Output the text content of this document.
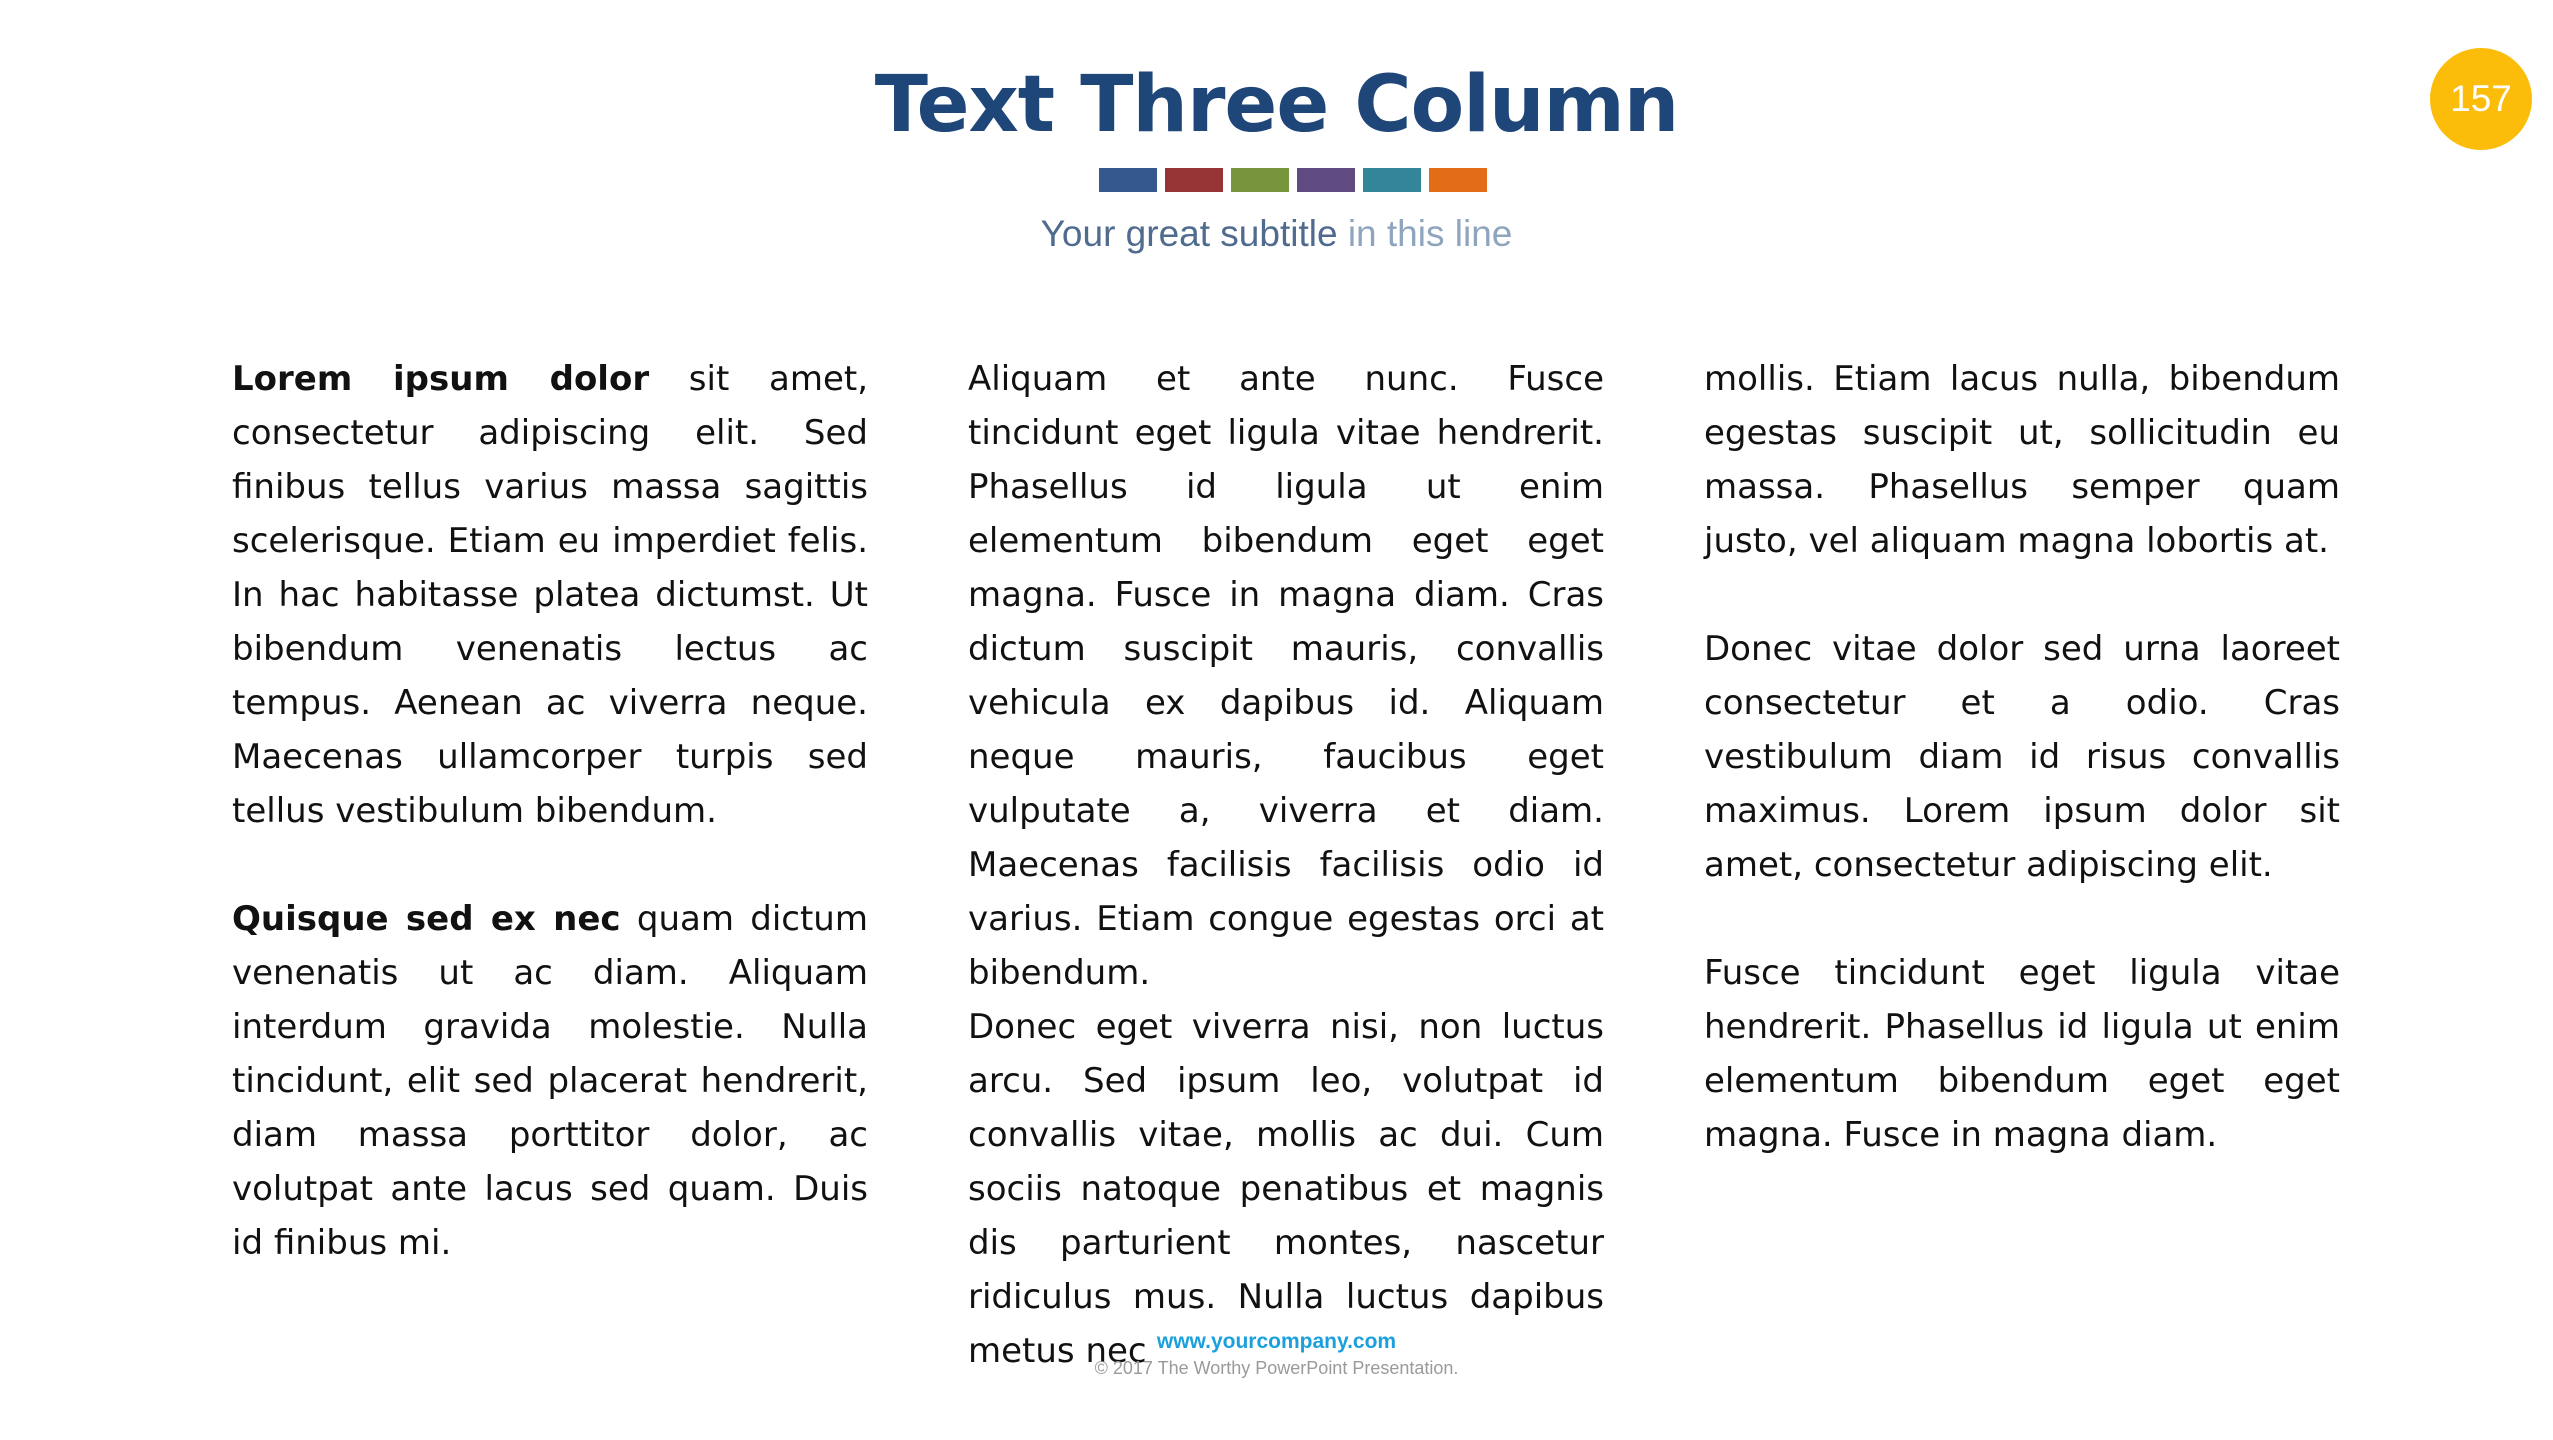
Text Three Column
Your great subtitle in this line
157

Lorem ipsum dolor sit amet, consectetur adipiscing elit. Sed finibus tellus varius massa sagittis scelerisque. Etiam eu imperdiet felis. In hac habitasse platea dictumst. Ut bibendum venenatis lectus ac tempus. Aenean ac viverra neque. Maecenas ullamcorper turpis sed tellus vestibulum bibendum.

Quisque sed ex nec quam dictum venenatis ut ac diam. Aliquam interdum gravida molestie. Nulla tincidunt, elit sed placerat hendrerit, diam massa porttitor dolor, ac volutpat ante lacus sed quam. Duis id finibus mi.

Aliquam et ante nunc. Fusce tincidunt eget ligula vitae hendrerit. Phasellus id ligula ut enim elementum bibendum eget eget magna. Fusce in magna diam. Cras dictum suscipit mauris, convallis vehicula ex dapibus id. Aliquam neque mauris, faucibus eget vulputate a, viverra et diam. Maecenas facilisis facilisis odio id varius. Etiam congue egestas orci at bibendum.

Donec eget viverra nisi, non luctus arcu. Sed ipsum leo, volutpat id convallis vitae, mollis ac dui. Cum sociis natoque penatibus et magnis dis parturient montes, nascetur ridiculus mus. Nulla luctus dapibus metus nec

mollis. Etiam lacus nulla, bibendum egestas suscipit ut, sollicitudin eu massa. Phasellus semper quam justo, vel aliquam magna lobortis at.

Donec vitae dolor sed urna laoreet consectetur et a odio. Cras vestibulum diam id risus convallis maximus. Lorem ipsum dolor sit amet, consectetur adipiscing elit.

Fusce tincidunt eget ligula vitae hendrerit. Phasellus id ligula ut enim elementum bibendum eget eget magna. Fusce in magna diam.

www.yourcompany.com
© 2017 The Worthy PowerPoint Presentation.
